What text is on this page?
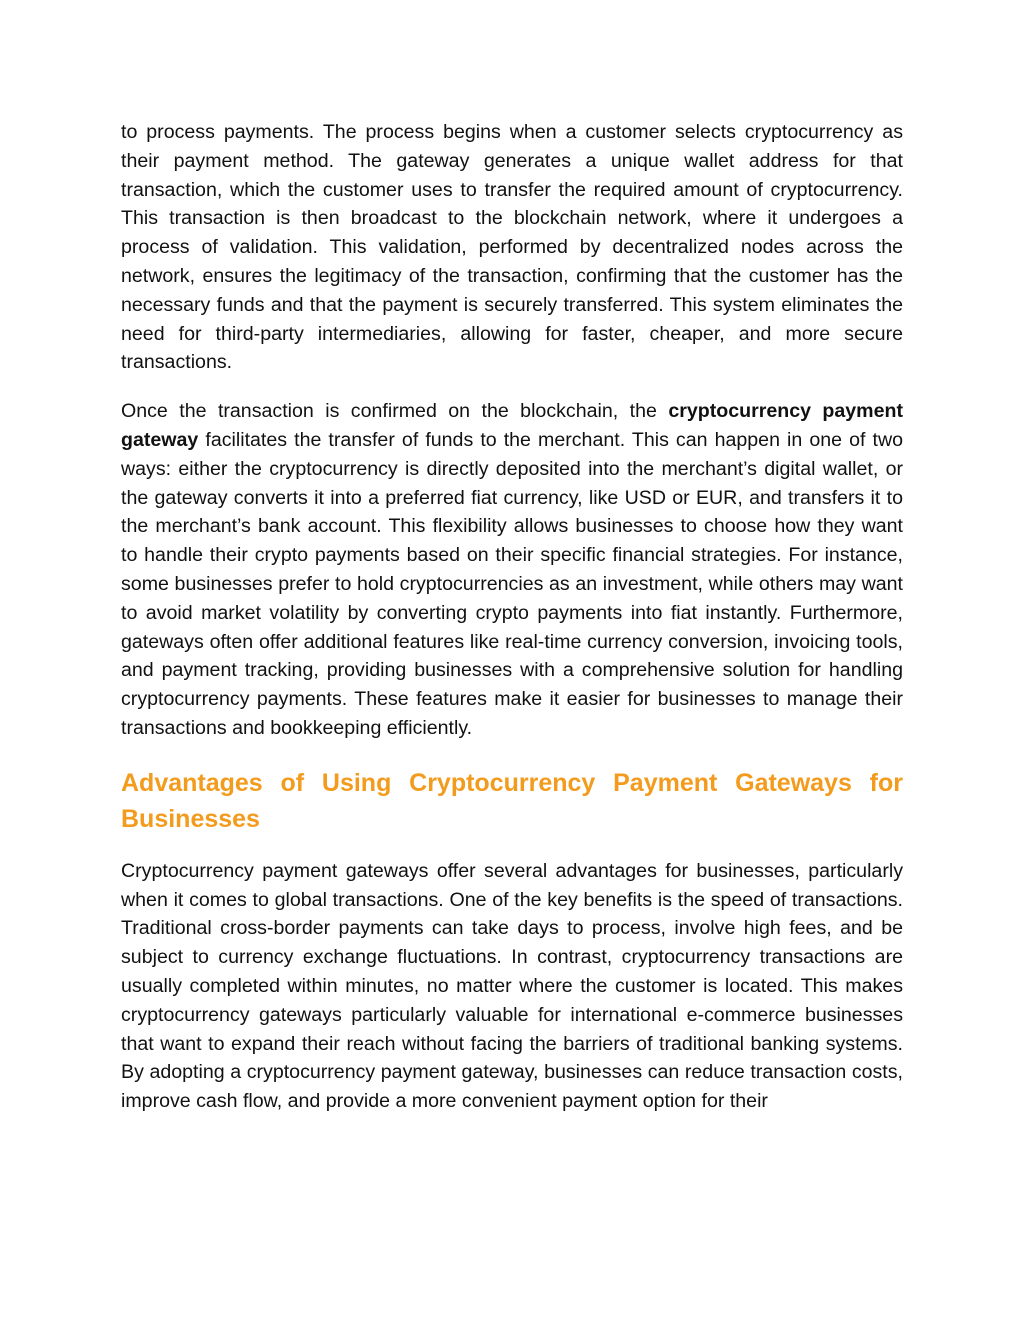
to process payments. The process begins when a customer selects cryptocurrency as their payment method. The gateway generates a unique wallet address for that transaction, which the customer uses to transfer the required amount of cryptocurrency. This transaction is then broadcast to the blockchain network, where it undergoes a process of validation. This validation, performed by decentralized nodes across the network, ensures the legitimacy of the transaction, confirming that the customer has the necessary funds and that the payment is securely transferred. This system eliminates the need for third-party intermediaries, allowing for faster, cheaper, and more secure transactions.

Once the transaction is confirmed on the blockchain, the cryptocurrency payment gateway facilitates the transfer of funds to the merchant. This can happen in one of two ways: either the cryptocurrency is directly deposited into the merchant’s digital wallet, or the gateway converts it into a preferred fiat currency, like USD or EUR, and transfers it to the merchant’s bank account. This flexibility allows businesses to choose how they want to handle their crypto payments based on their specific financial strategies. For instance, some businesses prefer to hold cryptocurrencies as an investment, while others may want to avoid market volatility by converting crypto payments into fiat instantly. Furthermore, gateways often offer additional features like real-time currency conversion, invoicing tools, and payment tracking, providing businesses with a comprehensive solution for handling cryptocurrency payments. These features make it easier for businesses to manage their transactions and bookkeeping efficiently.

Advantages of Using Cryptocurrency Payment Gateways for Businesses

Cryptocurrency payment gateways offer several advantages for businesses, particularly when it comes to global transactions. One of the key benefits is the speed of transactions. Traditional cross-border payments can take days to process, involve high fees, and be subject to currency exchange fluctuations. In contrast, cryptocurrency transactions are usually completed within minutes, no matter where the customer is located. This makes cryptocurrency gateways particularly valuable for international e-commerce businesses that want to expand their reach without facing the barriers of traditional banking systems. By adopting a cryptocurrency payment gateway, businesses can reduce transaction costs, improve cash flow, and provide a more convenient payment option for their
